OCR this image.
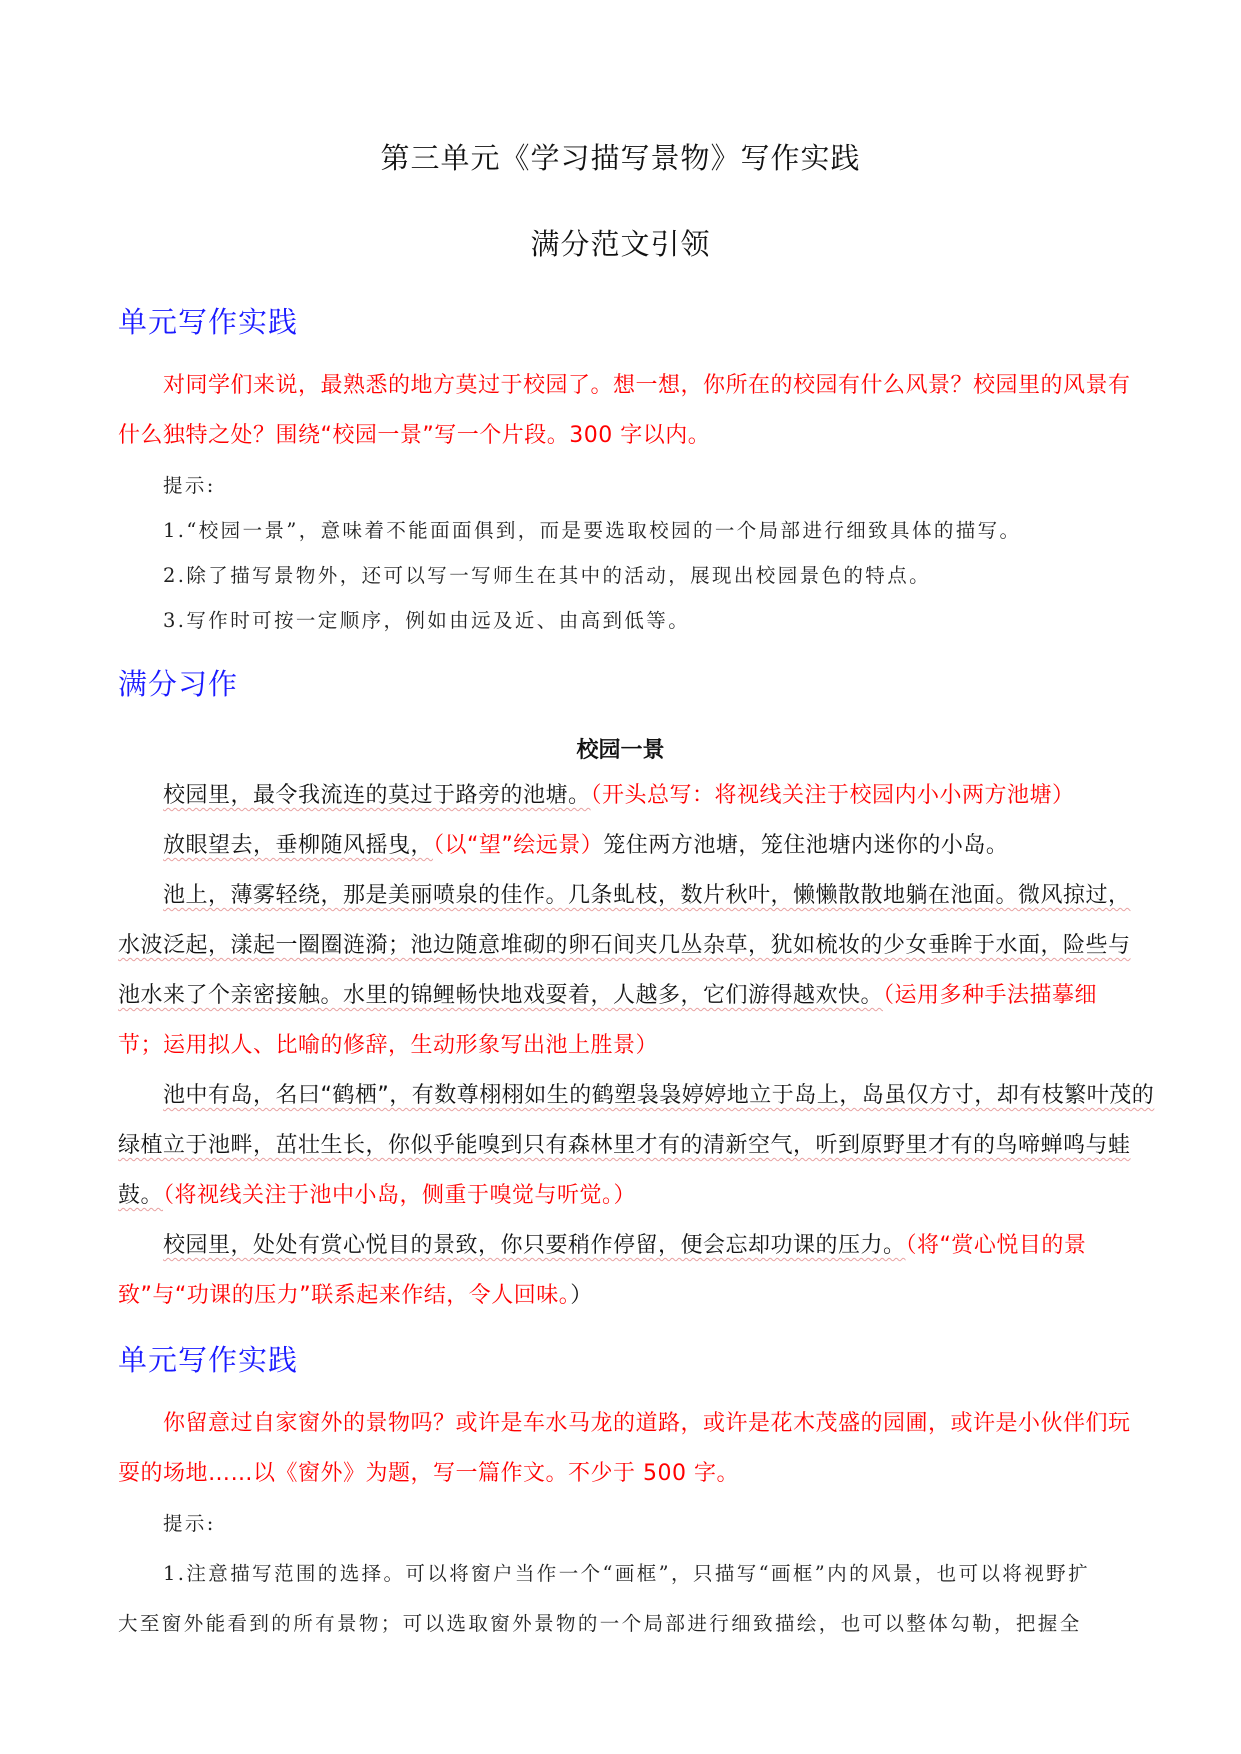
第三单元《学习描写景物》写作实践
满分范文引领
单元写作实践
对同学们来说，最熟悉的地方莫过于校园了。想一想，你所在的校园有什么风景？校园里的风景有
什么独特之处？围绕“校园一景”写一个片段。300 字以内。
提示:
1.“校园一景”，意味着不能面面俱到，而是要选取校园的一个局部进行细致具体的描写。
2.除了描写景物外，还可以写一写师生在其中的活动，展现出校园景色的特点。
3.写作时可按一定顺序，例如由远及近、由高到低等。
满分习作
校园一景
校园里，最令我流连的莫过于路旁的池塘。（开头总写：将视线关注于校园内小小两方池塘）
放眼望去，垂柳随风摇曳，（以“望”绘远景）笼住两方池塘，笼住池塘内迷你的小岛。
池上，薄雾轻绕，那是美丽喷泉的佳作。几条虬枝，数片秋叶，懒懒散散地躺在池面。微风掠过，
水波泛起，漾起一圈圈涟漪；池边随意堆砌的卵石间夹几丛杂草，犹如梳妆的少女垂眸于水面，险些与
池水来了个亲密接触。水里的锦鲤畅快地戏耍着，人越多，它们游得越欢快。（运用多种手法描摹细
节；运用拟人、比喻的修辞，生动形象写出池上胜景）
池中有岛，名曰“鹤栖”，有数尊栩栩如生的鹤塑袅袅婷婷地立于岛上，岛虽仅方寸，却有枝繁叶茂的
绿植立于池畔，茁壮生长，你似乎能嗅到只有森林里才有的清新空气，听到原野里才有的鸟啼蝉鸣与蛙
鼓。（将视线关注于池中小岛，侧重于嗅觉与听觉。）
校园里，处处有赏心悦目的景致，你只要稍作停留，便会忘却功课的压力。（将“赏心悦目的景
致”与“功课的压力”联系起来作结，令人回味。）
单元写作实践
你留意过自家窗外的景物吗？或许是车水马龙的道路，或许是花木茂盛的园圃，或许是小伙伴们玩
耍的场地……以《窗外》为题，写一篇作文。不少于 500 字。
提示:
1.注意描写范围的选择。可以将窗户当作一个“画框”，只描写“画框”内的风景，也可以将视野扩
大至窗外能看到的所有景物；可以选取窗外景物的一个局部进行细致描绘，也可以整体勾勒，把握全
